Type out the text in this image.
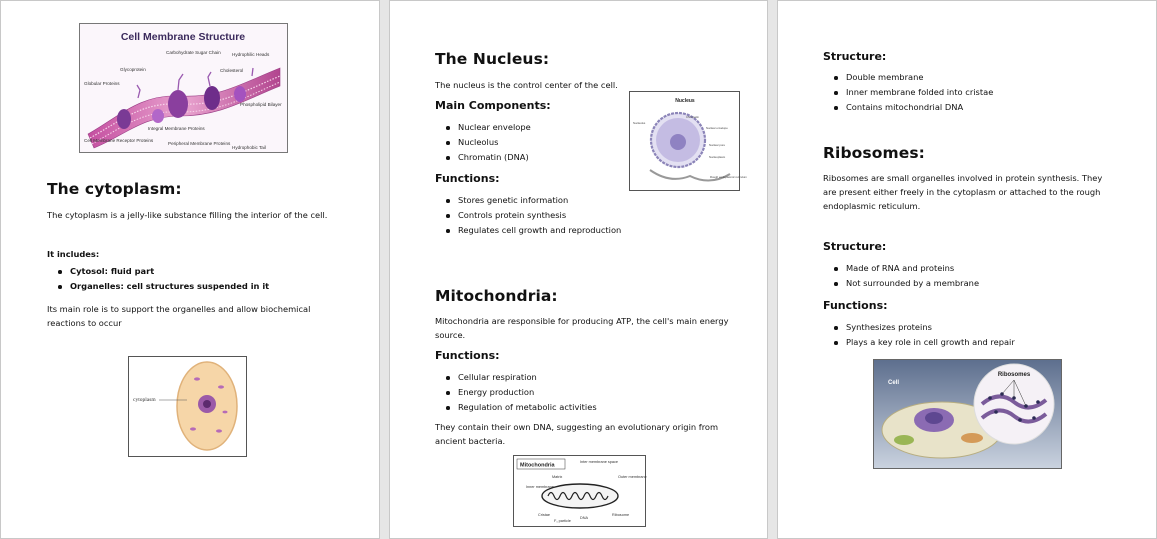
Cell Membrane Structure
Carbohydrate Sugar Chain
Glycoprotein
Globular Proteins
Hydrophilic Heads
Cholesterol
Phospholipid Bilayer
Integral Membrane Proteins
Cell Membrane Receptor Proteins
Peripheral Membrane Proteins
Hydrophobic Tail
The cytoplasm:

The cytoplasm is a jelly-like substance filling the interior of the cell.

It includes:

Cytosol: fluid part
Organelles: cell structures suspended in it

Its main role is to support the organelles and allow biochemical reactions to occur

cytoplasm
The Nucleus:

The nucleus is the control center of the cell.

Main Components:
Nuclear envelope
Nucleolus
Chromatin (DNA)
Functions:
Stores genetic information
Controls protein synthesis
Regulates cell growth and reproduction
Nucleus
Nucleolus
Chromatin
Nuclear envelope
Nuclear pore
Nucleoplasm
Rough endoplasmic reticulum
Mitochondria:

Mitochondria are responsible for producing ATP, the cell's main energy source.

Functions:
Cellular respiration
Energy production
Regulation of metabolic activities

They contain their own DNA, suggesting an evolutionary origin from ancient bacteria.

Mitochondria
Inter membrane space
Matrix	Outer membrane
Inner membrane
Cristae
F₁ particle
DNA
Ribosome
Structure:
Double membrane
Inner membrane folded into cristae
Contains mitochondrial DNA
Ribosomes:

Ribosomes are small organelles involved in protein synthesis. They are present either freely in the cytoplasm or attached to the rough endoplasmic reticulum.

Structure:
Made of RNA and proteins
Not surrounded by a membrane
Functions:
Synthesizes proteins
Plays a key role in cell growth and repair
Ribosomes
Cell
